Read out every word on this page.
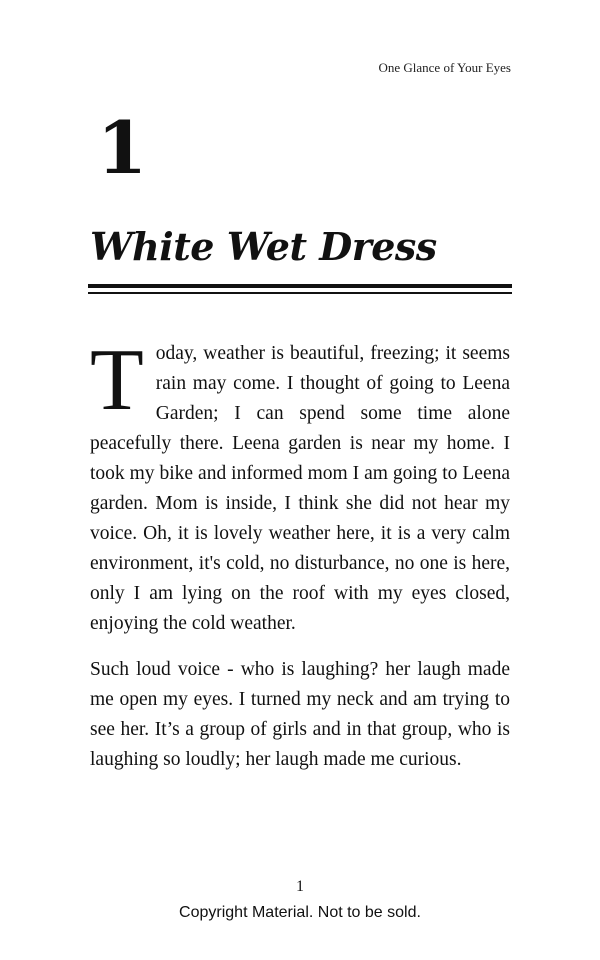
One Glance of Your Eyes
1
White Wet Dress

Today, weather is beautiful, freezing; it seems rain may come. I thought of going to Leena Garden; I can spend some time alone peacefully there. Leena garden is near my home. I took my bike and informed mom I am going to Leena garden. Mom is inside, I think she did not hear my voice. Oh, it is lovely weather here, it is a very calm environment, it's cold, no disturbance, no one is here, only I am lying on the roof with my eyes closed, enjoying the cold weather.

Such loud voice - who is laughing? her laugh made me open my eyes. I turned my neck and am trying to see her. It’s a group of girls and in that group, who is laughing so loudly; her laugh made me curious.

1
Copyright Material. Not to be sold.
